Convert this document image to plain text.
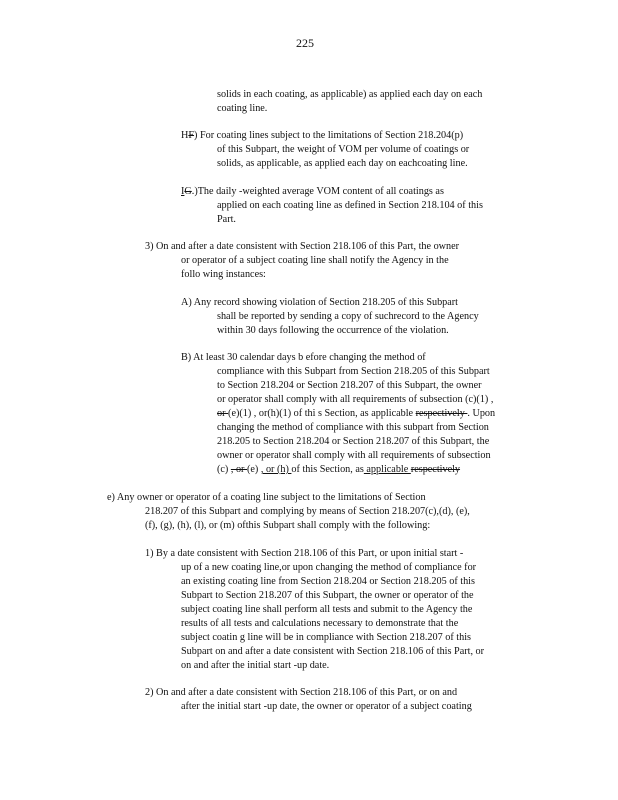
225
solids in each coating, as applicable) as applied each day on each
coating line.
HF) For coating lines subject to the limitations of Section 218.204(p)
of this Subpart, the weight of VOM per volume of coatings or
solids, as applicable, as applied each day on eachcoating line.
IG.)The daily -weighted average VOM content of all coatings as
applied on each coating line as defined in Section 218.104 of this
Part.
3) On and after a date consistent with Section 218.106 of this Part, the owner
or operator of a subject coating line shall notify the Agency in the
follo wing instances:
A) Any record showing violation of Section 218.205 of this Subpart
shall be reported by sending a copy of suchrecord to the Agency
within 30 days following the occurrence of the violation.
B) At least 30 calendar days b efore changing the method of
compliance with this Subpart from Section 218.205 of this Subpart
to Section 218.204 or Section 218.207 of this Subpart, the owner
or operator shall comply with all requirements of subsection (c)(1) ,
or (e)(1) , or(h)(1) of thi s Section, as applicable respectively . Upon
changing the method of compliance with this subpart from Section
218.205 to Section 218.204 or Section 218.207 of this Subpart, the
owner or operator shall comply with all requirements of subsection
(c) , or (e) , or (h) of this Section, as applicable respectively
e) Any owner or operator of a coating line subject to the limitations of Section
218.207 of this Subpart and complying by means of Section 218.207(c),(d), (e),
(f), (g), (h), (l), or (m) ofthis Subpart shall comply with the following:
1) By a date consistent with Section 218.106 of this Part, or upon initial start -
up of a new coating line,or upon changing the method of compliance for
an existing coating line from Section 218.204 or Section 218.205 of this
Subpart to Section 218.207 of this Subpart, the owner or operator of the
subject coating line shall perform all tests and submit to the Agency the
results of all tests and calculations necessary to demonstrate that the
subject coatin g line will be in compliance with Section 218.207 of this
Subpart on and after a date consistent with Section 218.106 of this Part, or
on and after the initial start -up date.
2) On and after a date consistent with Section 218.106 of this Part, or on and
after the initial start -up date, the owner or operator of a subject coating
